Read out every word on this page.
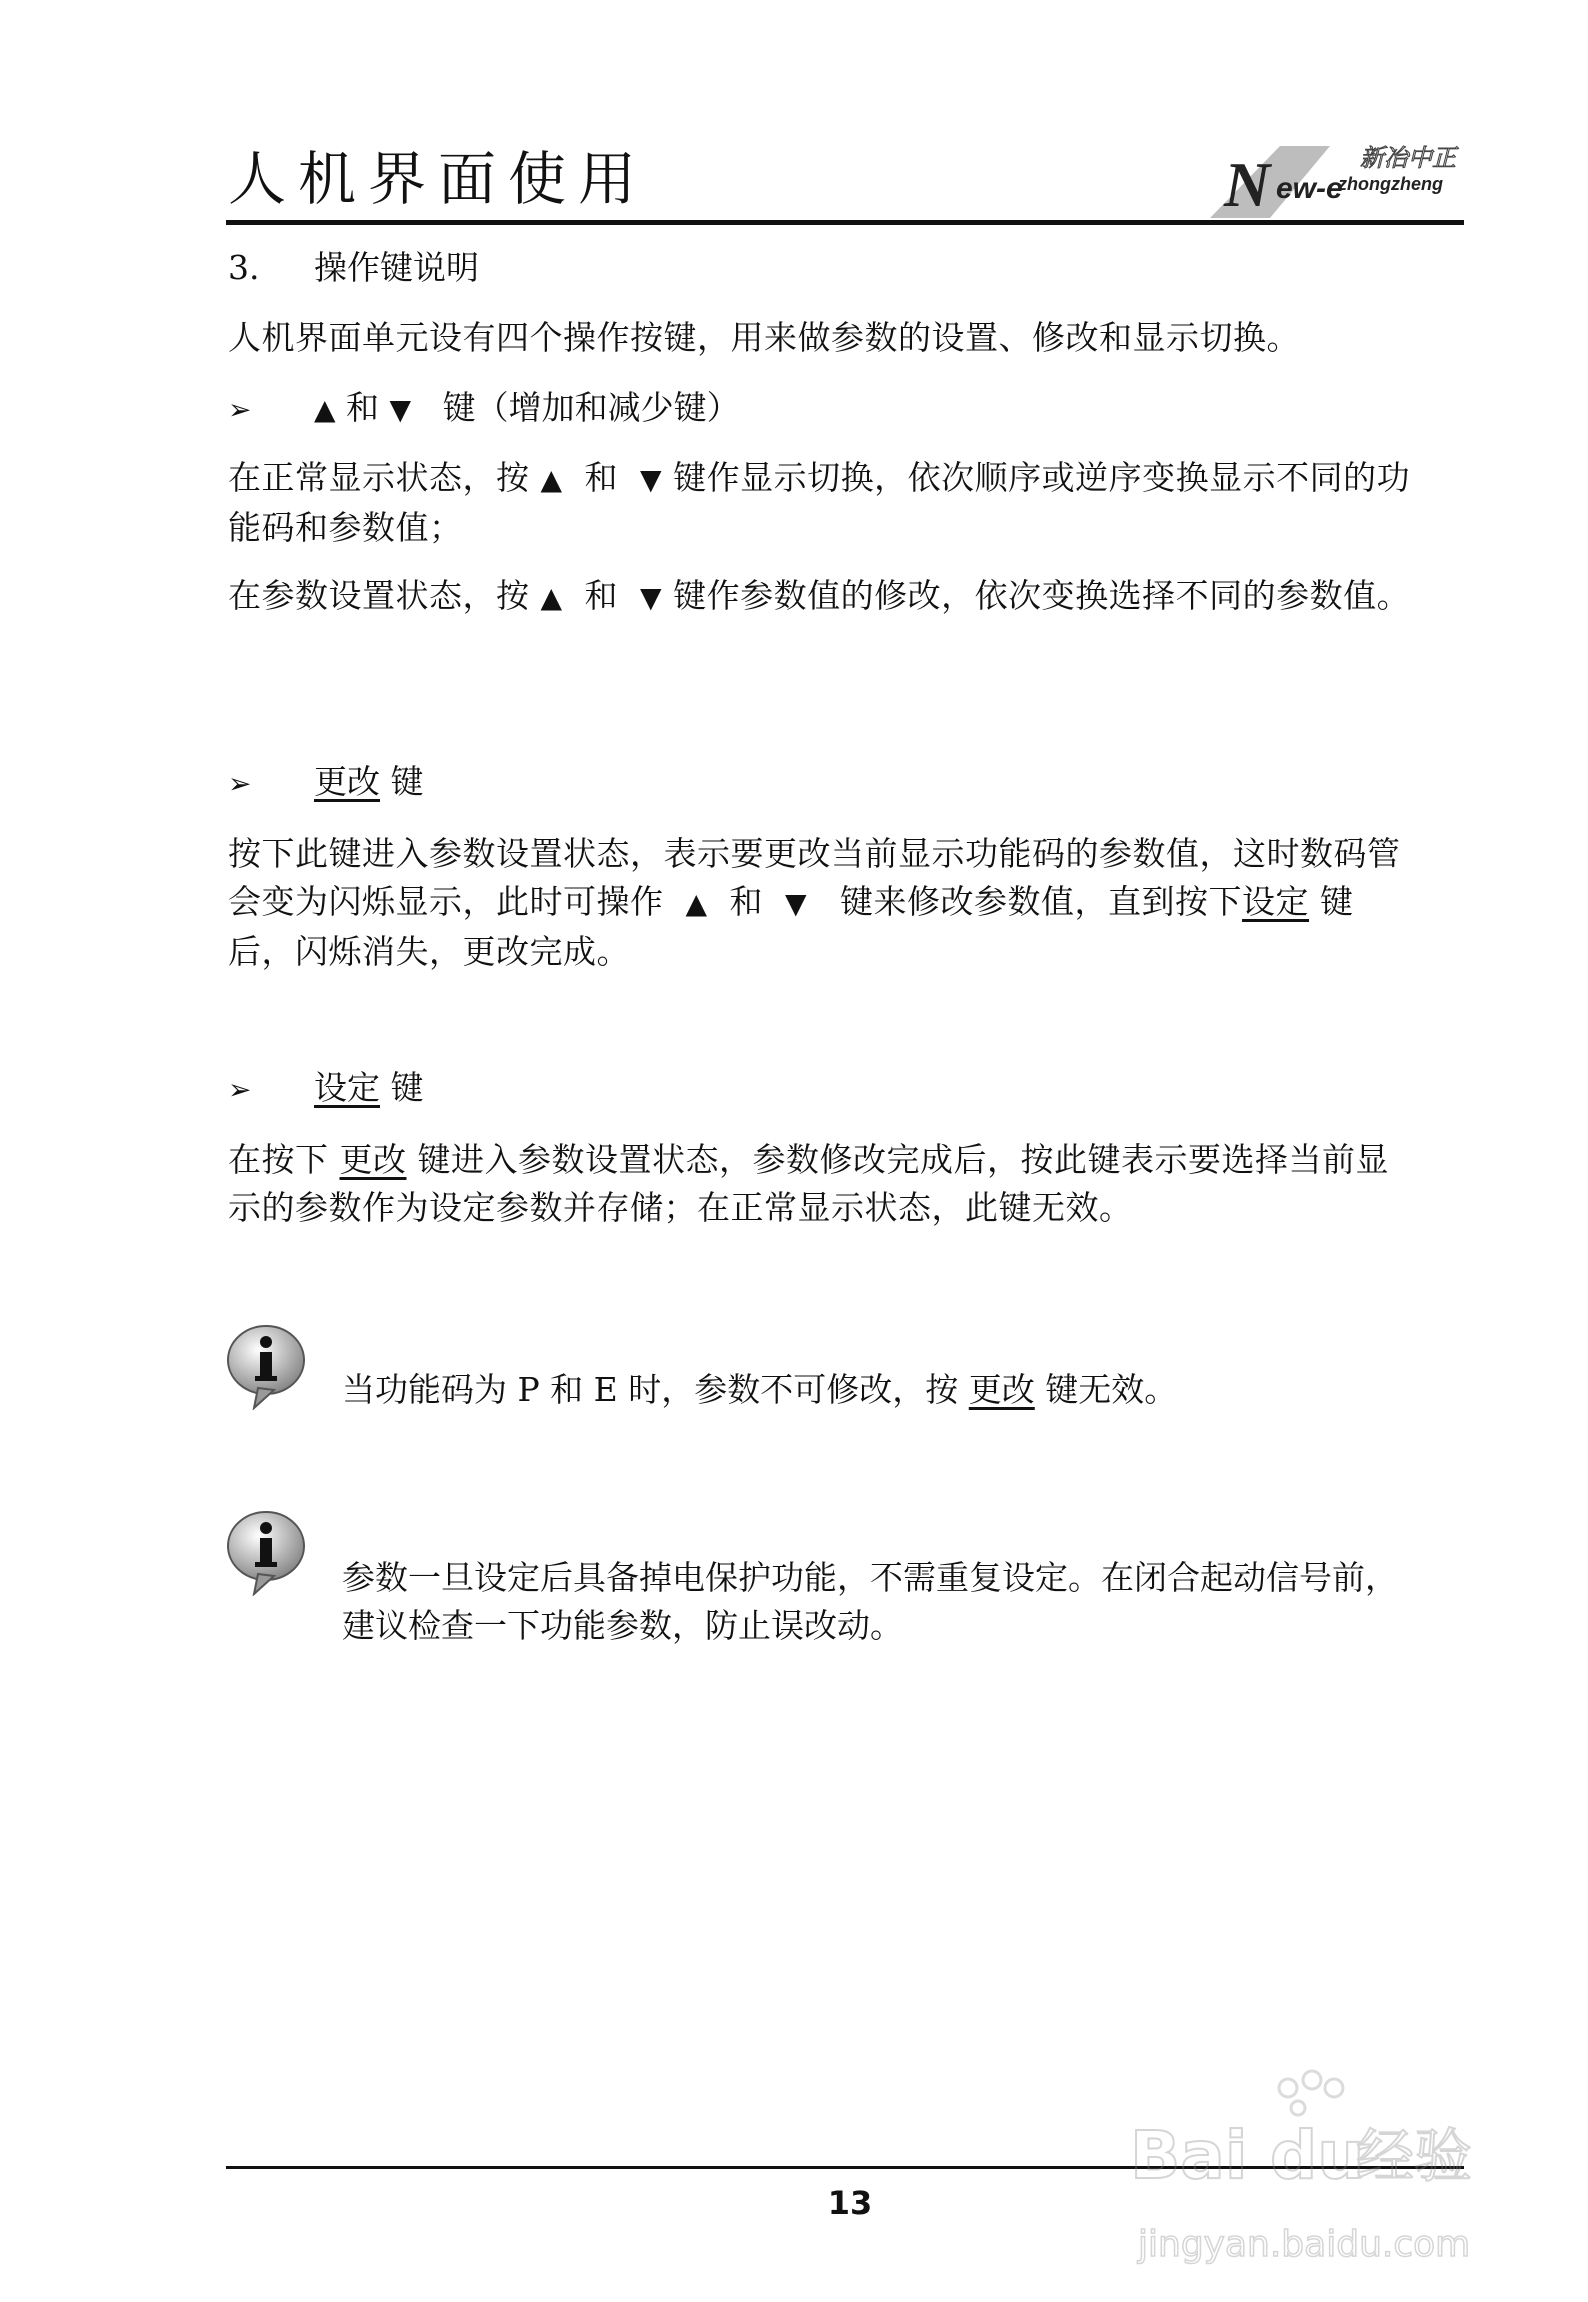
人机界面使用	N ew-e
zhongzheng
新冶中正
3. 操作键说明

人机界面单元设有四个操作按键，用来做参数的设置、修改和显示切换。

➢ ▲ 和 ▼ 键（增加和减少键）

在正常显示状态，按 ▲ 和 ▼ 键作显示切换，依次顺序或逆序变换显示不同的功能码和参数值；

在参数设置状态，按 ▲ 和 ▼ 键作参数值的修改，依次变换选择不同的参数值。

➢ 更改 键

按下此键进入参数设置状态，表示要更改当前显示功能码的参数值，这时数码管会变为闪烁显示，此时可操作 ▲ 和 ▼ 键来修改参数值，直到按下设定 键后，闪烁消失，更改完成。

➢ 设定 键

在按下 更改 键进入参数设置状态，参数修改完成后，按此键表示要选择当前显示的参数作为设定参数并存储；在正常显示状态，此键无效。

当功能码为 P 和 E 时，参数不可修改，按 更改 键无效。

参数一旦设定后具备掉电保护功能，不需重复设定。在闭合起动信号前，建议检查一下功能参数，防止误改动。

13
Bai du
经验
jingyan.baidu.com
